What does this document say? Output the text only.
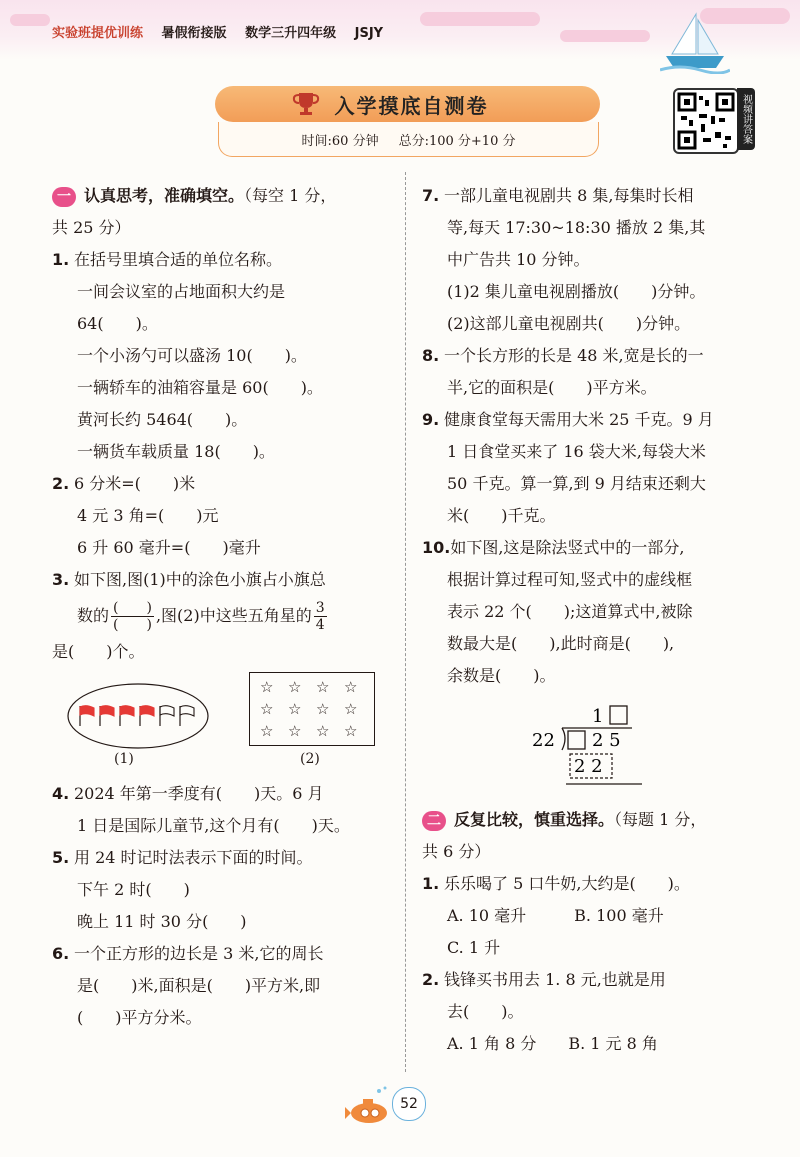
实验班提优训练 暑假衔接版 数学三升四年级 JSJY
入学摸底自测卷
时间:60 分钟 总分:100 分+10 分	视频讲答案
一 认真思考，准确填空。（每空 1 分，
共 25 分）
1. 在括号里填合适的单位名称。
一间会议室的占地面积大约是
64(　　)。
一个小汤勺可以盛汤 10(　　)。
一辆轿车的油箱容量是 60(　　)。
黄河长约 5464(　　)。
一辆货车载质量 18(　　)。
2. 6 分米=(　　)米
4 元 3 角=(　　)元
6 升 60 毫升=(　　)毫升
3. 如下图,图(1)中的涂色小旗占小旗总
数的 $\frac{( )}{( )}$ ,图(2)中这些五角星的 $\frac{3}{4}$
是(　　)个。
(1)
☆ ☆ ☆ ☆
☆ ☆ ☆ ☆
☆ ☆ ☆ ☆
(2)
4. 2024 年第一季度有(　　)天。6 月
1 日是国际儿童节,这个月有(　　)天。
5. 用 24 时记时法表示下面的时间。
下午 2 时(　　)
晚上 11 时 30 分(　　)
6. 一个正方形的边长是 3 米,它的周长
是(　　)米,面积是(　　)平方米,即
(　　)平方分米。
7. 一部儿童电视剧共 8 集,每集时长相
等,每天 17:30~18:30 播放 2 集,其
中广告共 10 分钟。
(1)2 集儿童电视剧播放(　　)分钟。
(2)这部儿童电视剧共(　　)分钟。
8. 一个长方形的长是 48 米,宽是长的一
半,它的面积是(　　)平方米。
9. 健康食堂每天需用大米 25 千克。9 月
1 日食堂买来了 16 袋大米,每袋大米
50 千克。算一算,到 9 月结束还剩大
米(　　)千克。
10.如下图,这是除法竖式中的一部分,
根据计算过程可知,竖式中的虚线框
表示 22 个(　　);这道算式中,被除
数最大是(　　),此时商是(　　),
余数是(　　)。
1
22 2 5
2 2
二 反复比较，慎重选择。（每题 1 分，
共 6 分）
1. 乐乐喝了 5 口牛奶,大约是(　　)。
A. 10 毫升　　　B. 100 毫升
C. 1 升
2. 钱锋买书用去 1. 8 元,也就是用
去(　　)。
A. 1 角 8 分　　B. 1 元 8 角
52
